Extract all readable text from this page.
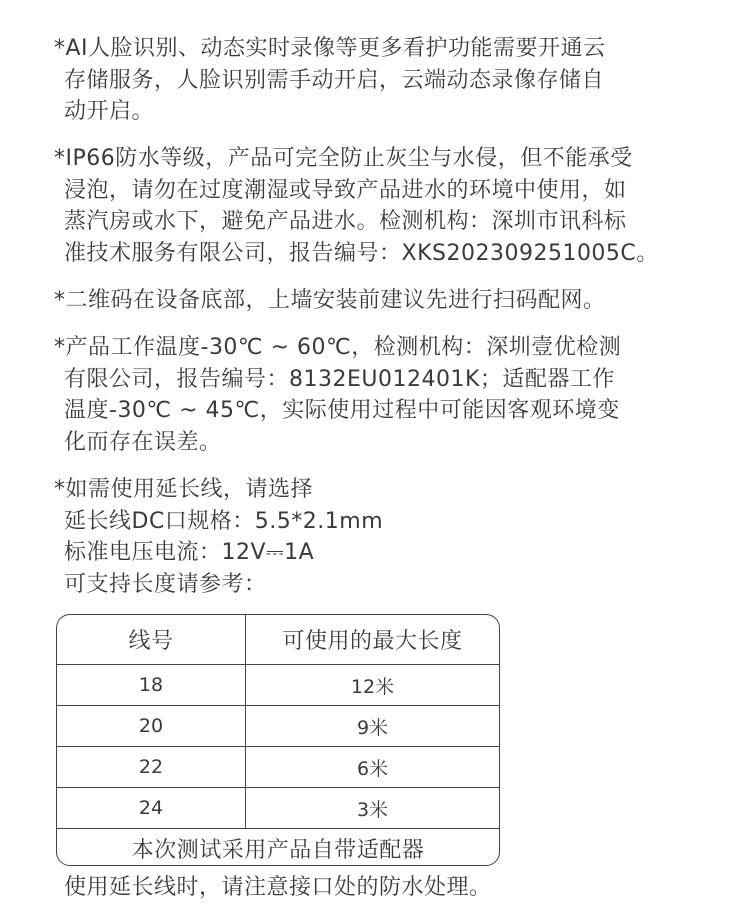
*AI人脸识别、动态实时录像等更多看护功能需要开通云
存储服务，人脸识别需手动开启，云端动态录像存储自
动开启。
*IP66防水等级，产品可完全防止灰尘与水侵，但不能承受
浸泡，请勿在过度潮湿或导致产品进水的环境中使用，如
蒸汽房或水下，避免产品进水。检测机构：深圳市讯科标
准技术服务有限公司，报告编号：XKS202309251005C。
*二维码在设备底部，上墙安装前建议先进行扫码配网。
*产品工作温度-30℃ ~ 60℃，检测机构：深圳壹优检测
有限公司，报告编号：8132EU012401K；适配器工作
温度-30℃ ~ 45℃，实际使用过程中可能因客观环境变
化而存在误差。
*如需使用延长线，请选择
延长线DC口规格：5.5*2.1mm
标准电压电流：12V⎓1A
可支持长度请参考：
线号	可使用的最大长度
18	12米
20	9米
22	6米
24	3米
本次测试采用产品自带适配器
使用延长线时，请注意接口处的防水处理。
